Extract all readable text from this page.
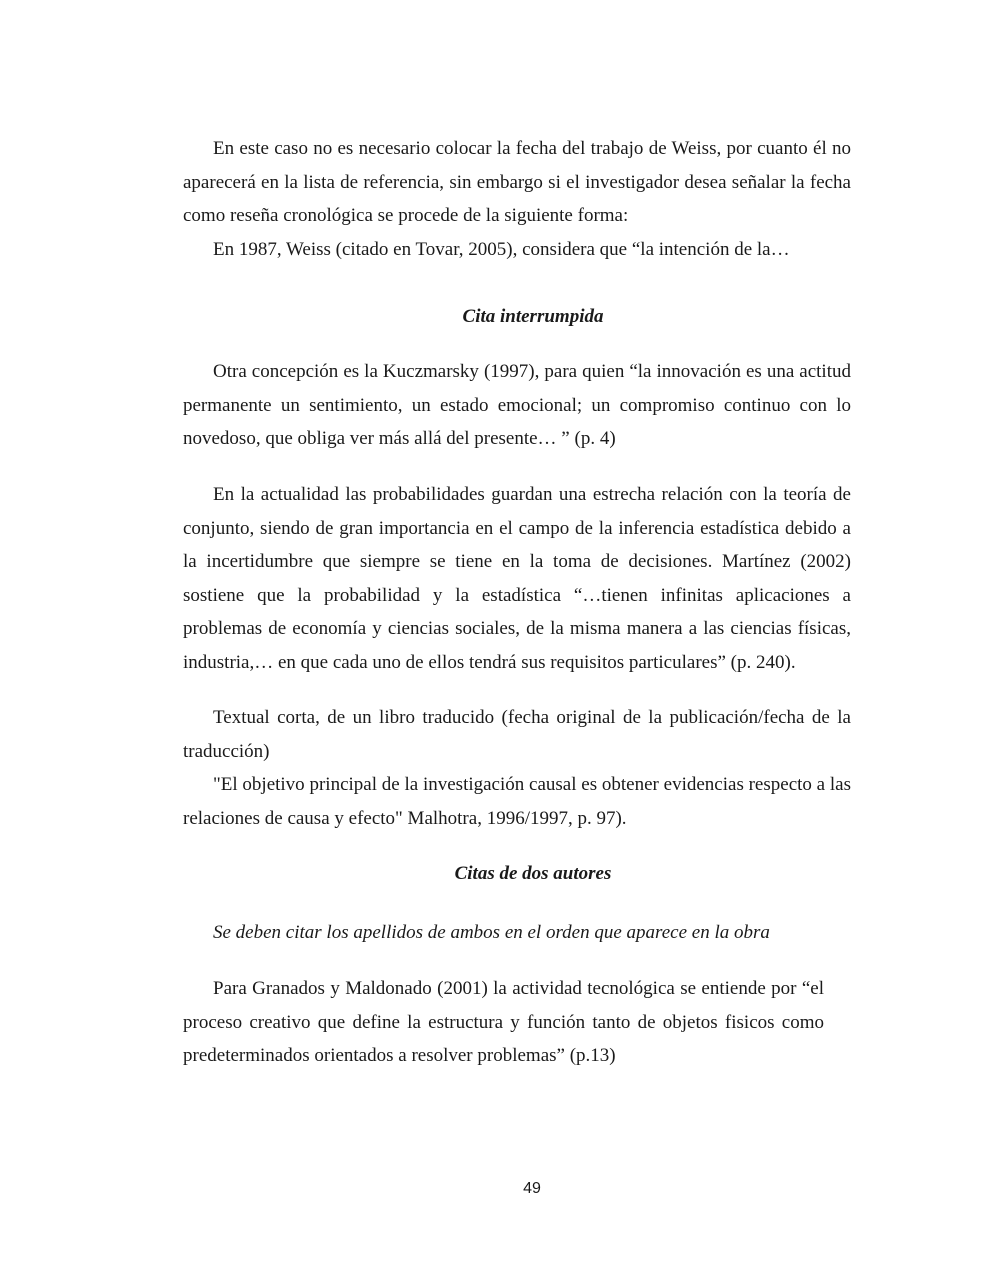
En este caso no es necesario colocar la fecha del trabajo de Weiss, por cuanto él no aparecerá en la lista de referencia, sin embargo si el investigador desea señalar la fecha como reseña cronológica se procede de la siguiente forma:

En 1987, Weiss (citado en Tovar, 2005), considera que “la intención de la…

Cita interrumpida

Otra concepción es la Kuczmarsky (1997), para quien “la innovación es una actitud permanente un sentimiento, un estado emocional; un compromiso continuo con lo novedoso, que obliga ver más allá del presente… ” (p. 4)

En la actualidad las probabilidades guardan una estrecha relación con la teoría de conjunto, siendo de gran importancia en el campo de la inferencia estadística debido a la incertidumbre que siempre se tiene en la toma de decisiones. Martínez (2002) sostiene que la probabilidad y la estadística “…tienen infinitas aplicaciones a problemas de economía y ciencias sociales, de la misma manera a las ciencias físicas, industria,… en que cada uno de ellos tendrá sus requisitos particulares” (p. 240).

Textual corta, de un libro traducido (fecha original de la publicación/fecha de la traducción)

"El objetivo principal de la investigación causal es obtener evidencias respecto a las relaciones de causa y efecto" Malhotra, 1996/1997, p. 97).

Citas de dos autores
Se deben citar los apellidos de ambos en el orden que aparece en la obra

Para Granados y Maldonado (2001) la actividad tecnológica se entiende por “el proceso creativo que define la estructura y función tanto de objetos fisicos como predeterminados orientados a resolver problemas” (p.13)

49
